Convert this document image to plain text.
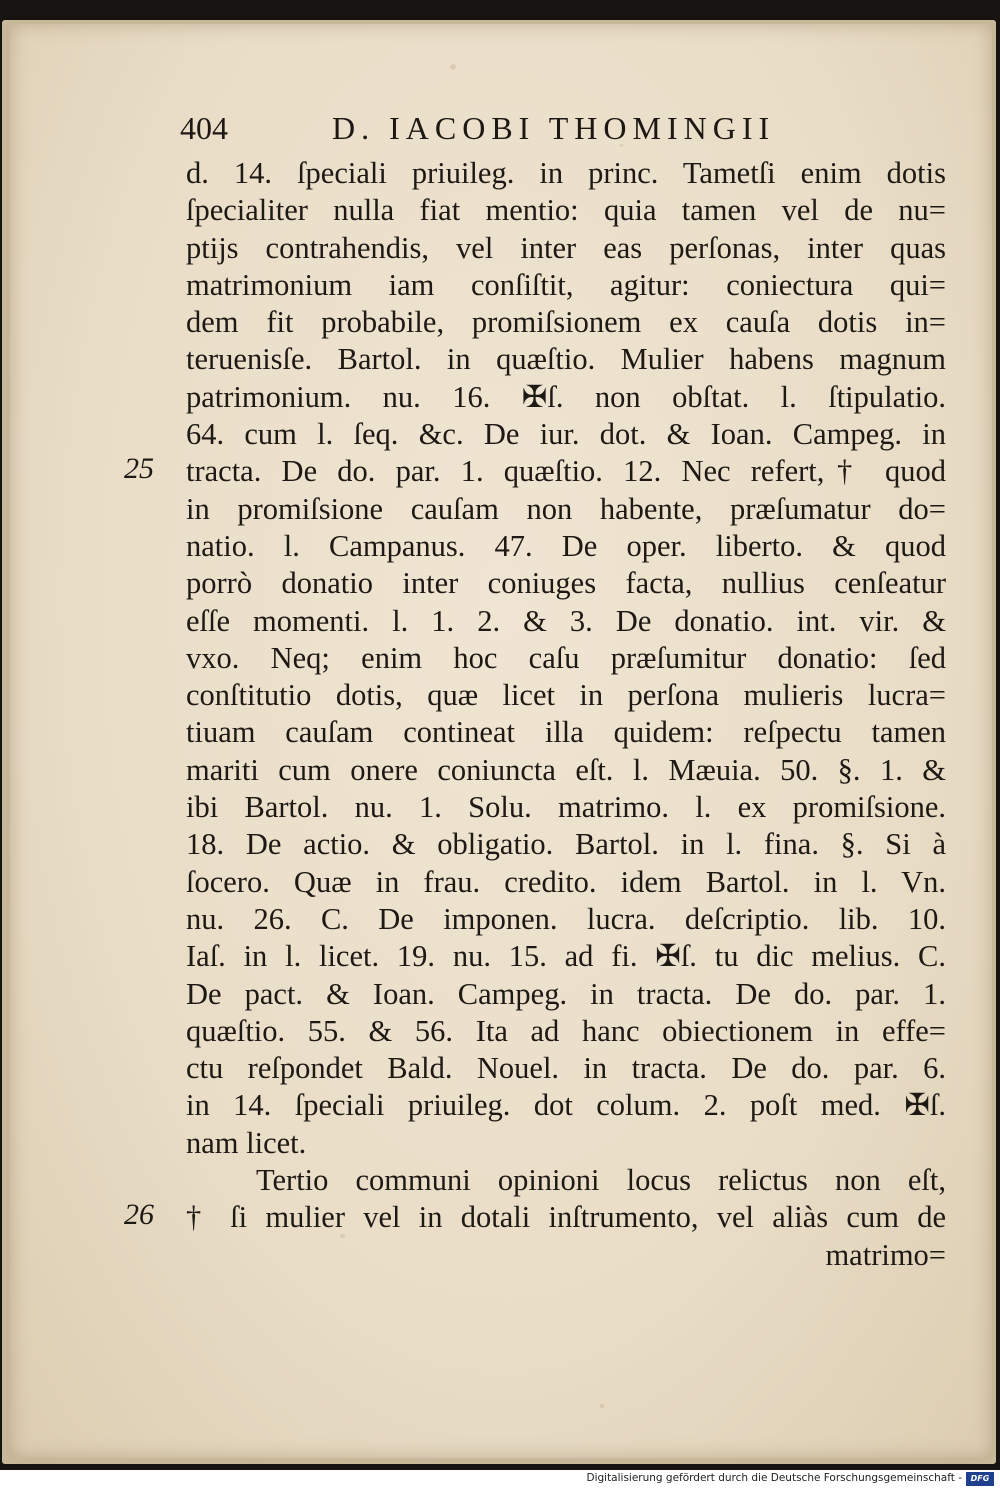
404	D. IACOBI THOMINGII
25
26
d. 14. ſpeciali priuileg. in princ. Tametſi enim dotis
ſpecialiter nulla fiat mentio: quia tamen vel de nu=
ptijs contrahendis, vel inter eas perſonas, inter quas
matrimonium iam conſiſtit, agitur: coniectura qui=
dem fit probabile, promiſsionem ex cauſa dotis in=
teruenisſe. Bartol. in quæſtio. Mulier habens magnum
patrimonium. nu. 16. ✠ſ. non obſtat. l. ſtipulatio.
64. cum l. ſeq. &c. De iur. dot. & Ioan. Campeg. in
tracta. De do. par. 1. quæſtio. 12. Nec refert,† quod
in promiſsione cauſam non habente, præſumatur do=
natio. l. Campanus. 47. De oper. liberto. & quod
porrò donatio inter coniuges facta, nullius cenſeatur
eſſe momenti. l. 1. 2. & 3. De donatio. int. vir. &
vxo. Neq; enim hoc caſu præſumitur donatio: ſed
conſtitutio dotis, quæ licet in perſona mulieris lucra=
tiuam cauſam contineat illa quidem: reſpectu tamen
mariti cum onere coniuncta eſt. l. Mæuia. 50. §. 1. &
ibi Bartol. nu. 1. Solu. matrimo. l. ex promiſsione.
18. De actio. & obligatio. Bartol. in l. fina. §. Si à
ſocero. Quæ in frau. credito. idem Bartol. in l. Vn.
nu. 26. C. De imponen. lucra. deſcriptio. lib. 10.
Iaſ. in l. licet. 19. nu. 15. ad fi. ✠ſ. tu dic melius. C.
De pact. & Ioan. Campeg. in tracta. De do. par. 1.
quæſtio. 55. & 56. Ita ad hanc obiectionem in effe=
ctu reſpondet Bald. Nouel. in tracta. De do. par. 6.
in 14. ſpeciali priuileg. dot colum. 2. poſt med. ✠ſ.
nam licet.
Tertio communi opinioni locus relictus non eſt,
† ſi mulier vel in dotali inſtrumento, vel aliàs cum de
matrimo=
Digitalisierung gefördert durch die Deutsche Forschungsgemeinschaft -	DFG
